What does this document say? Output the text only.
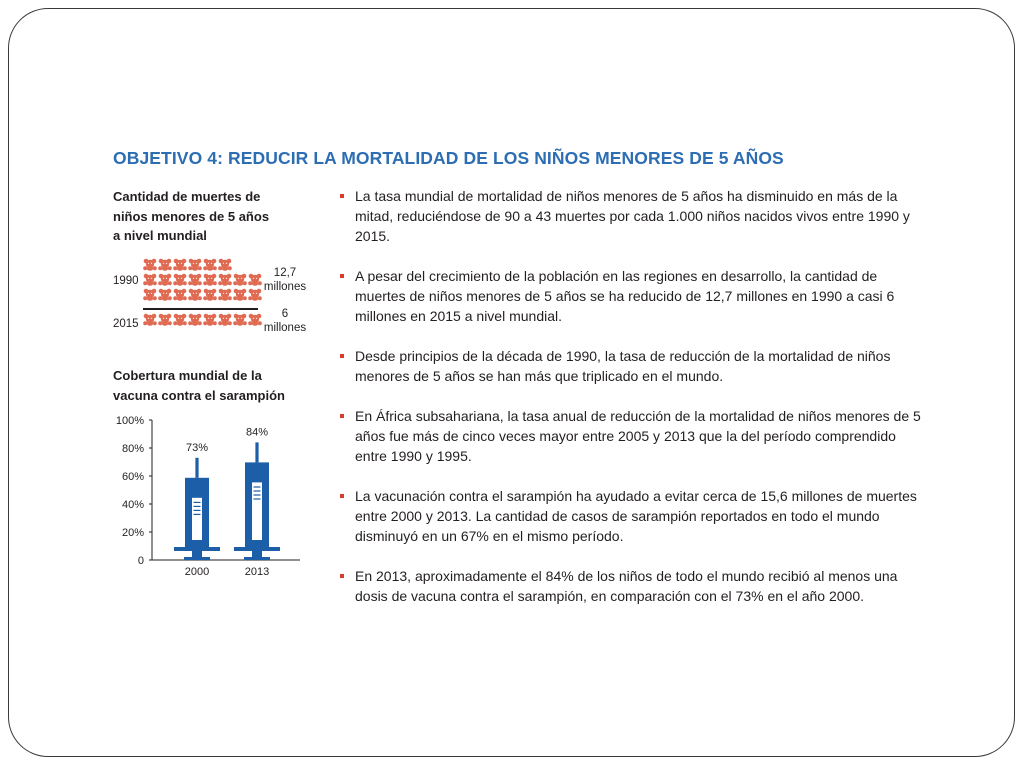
OBJETIVO 4: REDUCIR LA MORTALIDAD DE LOS NIÑOS MENORES DE 5 AÑOS
Cantidad de muertes de
niños menores de 5 años
a nivel mundial
1990
12,7
millones
2015
6
millones
Cobertura mundial de la
vacuna contra el sarampión
0
20%
40%
60%
80%
100%
73%
2000
84%
2013
La tasa mundial de mortalidad de niños menores de 5 años ha disminuido en más de la mitad, reduciéndose de 90 a 43 muertes por cada 1.000 niños nacidos vivos entre 1990 y 2015.
A pesar del crecimiento de la población en las regiones en desarrollo, la cantidad de muertes de niños menores de 5 años se ha reducido de 12,7 millones en 1990 a casi 6 millones en 2015 a nivel mundial.
Desde principios de la década de 1990, la tasa de reducción de la mortalidad de niños menores de 5 años se han más que triplicado en el mundo.
En África subsahariana, la tasa anual de reducción de la mortalidad de niños menores de 5 años fue más de cinco veces mayor entre 2005 y 2013 que la del período comprendido entre 1990 y 1995.
La vacunación contra el sarampión ha ayudado a evitar cerca de 15,6 millones de muertes entre 2000 y 2013. La cantidad de casos de sarampión reportados en todo el mundo disminuyó en un 67% en el mismo período.
En 2013, aproximadamente el 84% de los niños de todo el mundo recibió al menos una dosis de vacuna contra el sarampión, en comparación con el 73% en el año 2000.
